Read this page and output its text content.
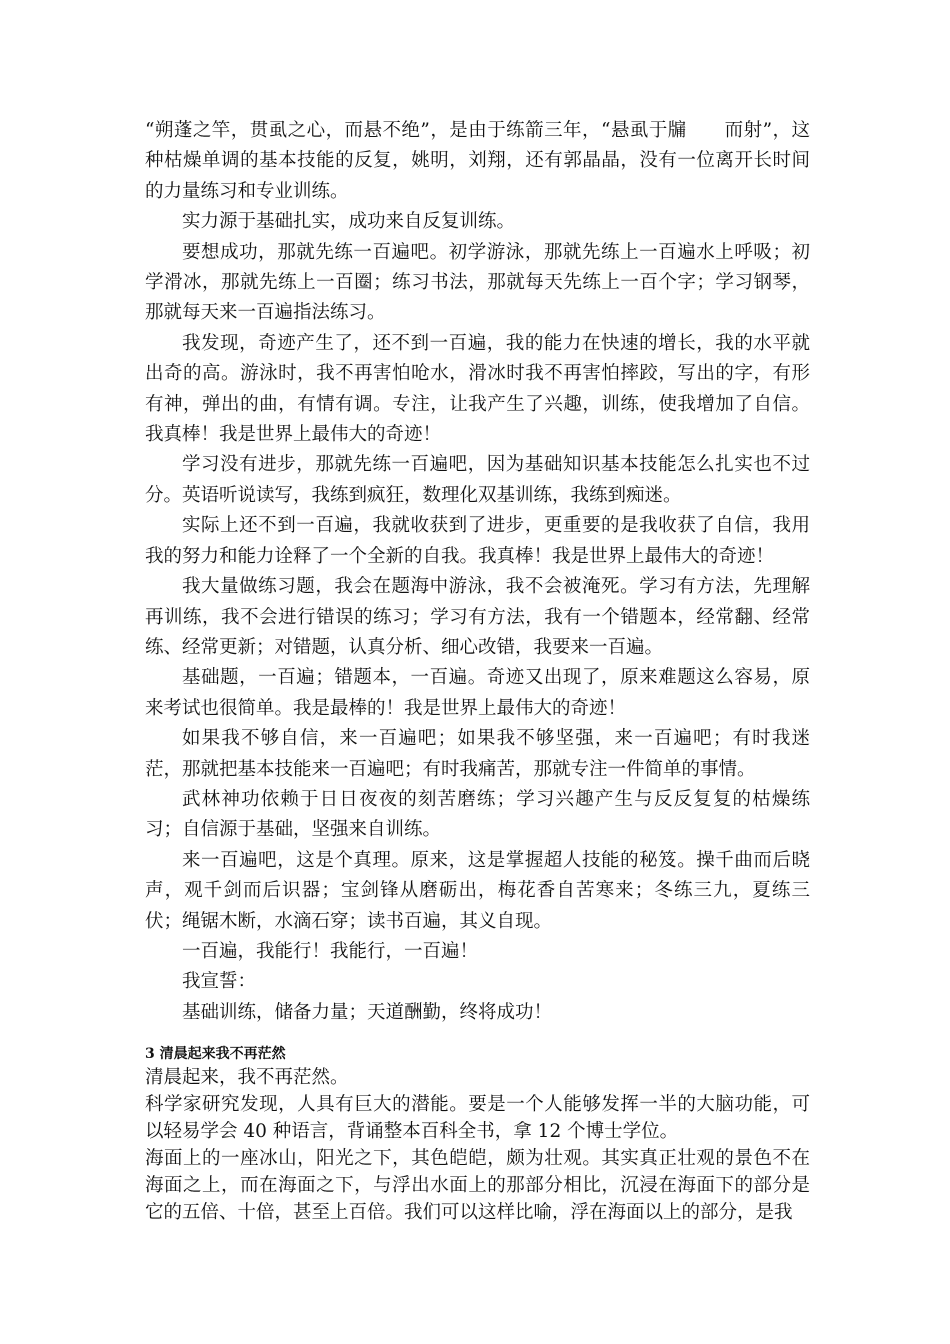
“朔蓬之竿，贯虱之心，而悬不绝”，是由于练箭三年，“悬虱于牖　　而射”，这种枯燥单调的基本技能的反复，姚明，刘翔，还有郭晶晶，没有一位离开长时间的力量练习和专业训练。

实力源于基础扎实，成功来自反复训练。

要想成功，那就先练一百遍吧。初学游泳，那就先练上一百遍水上呼吸；初学滑冰，那就先练上一百圈；练习书法，那就每天先练上一百个字；学习钢琴，那就每天来一百遍指法练习。

我发现，奇迹产生了，还不到一百遍，我的能力在快速的增长，我的水平就出奇的高。游泳时，我不再害怕呛水，滑冰时我不再害怕摔跤，写出的字，有形有神，弹出的曲，有情有调。专注，让我产生了兴趣，训练，使我增加了自信。我真棒！我是世界上最伟大的奇迹！

学习没有进步，那就先练一百遍吧，因为基础知识基本技能怎么扎实也不过分。英语听说读写，我练到疯狂，数理化双基训练，我练到痴迷。

实际上还不到一百遍，我就收获到了进步，更重要的是我收获了自信，我用我的努力和能力诠释了一个全新的自我。我真棒！我是世界上最伟大的奇迹！

我大量做练习题，我会在题海中游泳，我不会被淹死。学习有方法，先理解再训练，我不会进行错误的练习；学习有方法，我有一个错题本，经常翻、经常练、经常更新；对错题，认真分析、细心改错，我要来一百遍。

基础题，一百遍；错题本，一百遍。奇迹又出现了，原来难题这么容易，原来考试也很简单。我是最棒的！我是世界上最伟大的奇迹！

如果我不够自信，来一百遍吧；如果我不够坚强，来一百遍吧；有时我迷茫，那就把基本技能来一百遍吧；有时我痛苦，那就专注一件简单的事情。

武林神功依赖于日日夜夜的刻苦磨练；学习兴趣产生与反反复复的枯燥练习；自信源于基础，坚强来自训练。

来一百遍吧，这是个真理。原来，这是掌握超人技能的秘笈。操千曲而后晓声，观千剑而后识器；宝剑锋从磨砺出，梅花香自苦寒来；冬练三九，夏练三伏；绳锯木断，水滴石穿；读书百遍，其义自现。

一百遍，我能行！我能行，一百遍！

我宣誓：

基础训练，储备力量；天道酬勤，终将成功！

3 清晨起来我不再茫然

清晨起来，我不再茫然。

科学家研究发现，人具有巨大的潜能。要是一个人能够发挥一半的大脑功能，可以轻易学会 40 种语言，背诵整本百科全书，拿 12 个博士学位。

海面上的一座冰山，阳光之下，其色皑皑，颇为壮观。其实真正壮观的景色不在海面之上，而在海面之下，与浮出水面上的那部分相比，沉浸在海面下的部分是它的五倍、十倍，甚至上百倍。我们可以这样比喻，浮在海面以上的部分，是我
